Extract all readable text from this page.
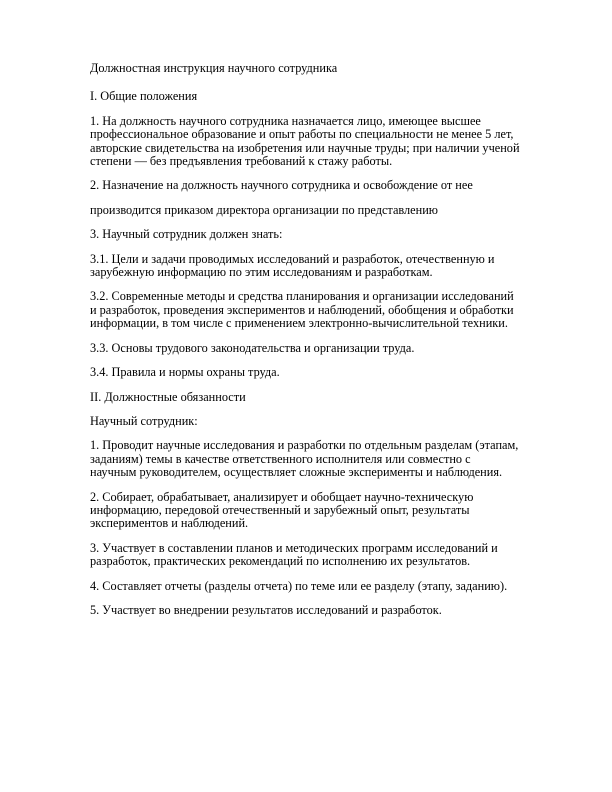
Должностная инструкция научного сотрудника

I. Общие положения

1. На должность научного сотрудника назначается лицо, имеющее высшее профессиональное образование и опыт работы по специальности не менее 5 лет, авторские свидетельства на изобретения или научные труды; при наличии ученой степени — без предъявления требований к стажу работы.

2. Назначение на должность научного сотрудника и освобождение от нее

производится приказом директора организации по представлению

3. Научный сотрудник должен знать:

3.1. Цели и задачи проводимых исследований и разработок, отечественную и зарубежную информацию по этим исследованиям и разработкам.

3.2. Современные методы и средства планирования и организации исследований и разработок, проведения экспериментов и наблюдений, обобщения и обработки информации, в том числе с применением электронно-вычислительной техники.

3.3. Основы трудового законодательства и организации труда.

3.4. Правила и нормы охраны труда.

II. Должностные обязанности

Научный сотрудник:

1. Проводит научные исследования и разработки по отдельным разделам (этапам, заданиям) темы в качестве ответственного исполнителя или совместно с научным руководителем, осуществляет сложные эксперименты и наблюдения.

2. Собирает, обрабатывает, анализирует и обобщает научно-техническую информацию, передовой отечественный и зарубежный опыт, результаты экспериментов и наблюдений.

3. Участвует в составлении планов и методических программ исследований и разработок, практических рекомендаций по исполнению их результатов.

4. Составляет отчеты (разделы отчета) по теме или ее разделу (этапу, заданию).

5. Участвует во внедрении результатов исследований и разработок.
